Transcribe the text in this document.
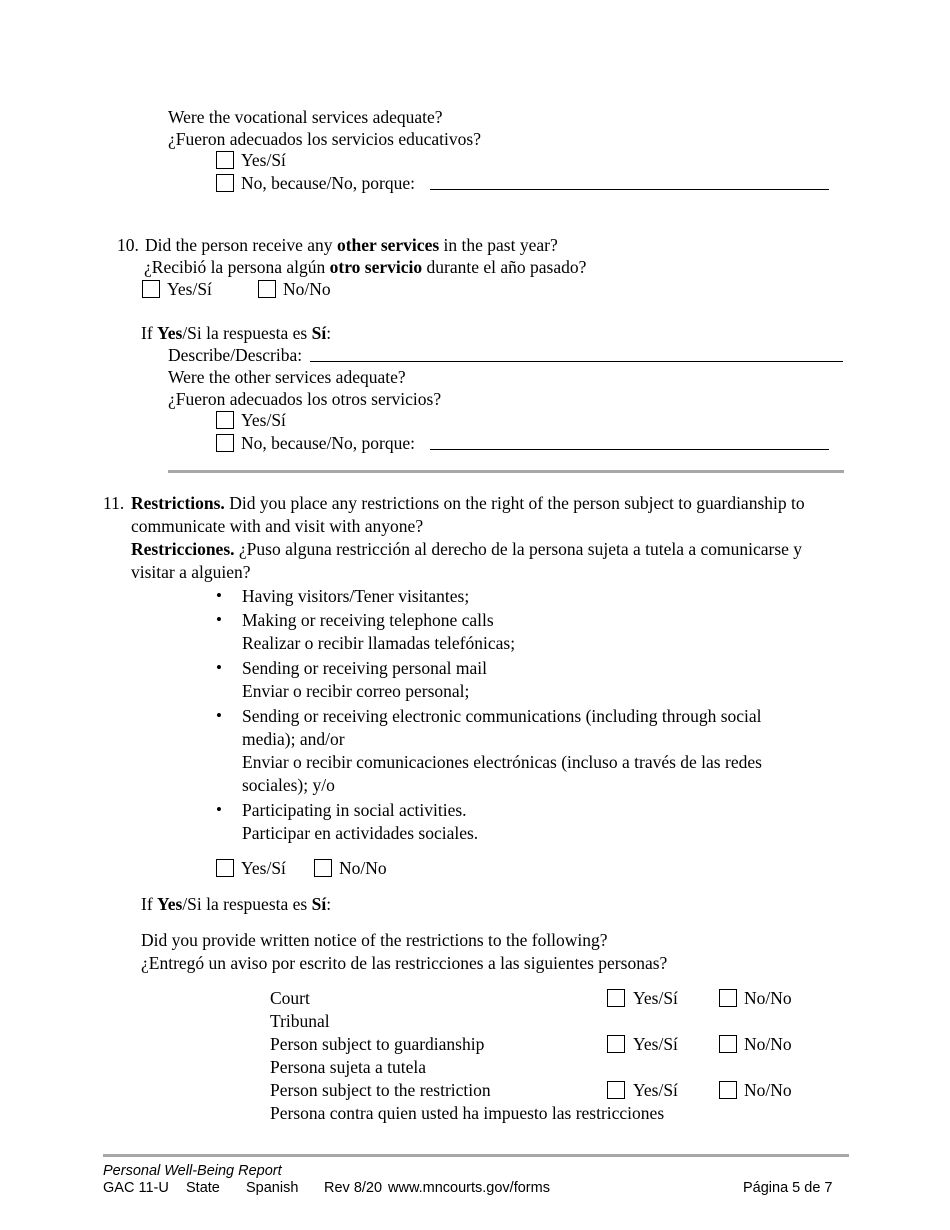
Were the vocational services adequate?
¿Fueron adecuados los servicios educativos?
Yes/Sí
No, because/No, porque:
10. Did the person receive any other services in the past year?
¿Recibió la persona algún otro servicio durante el año pasado?
Yes/Sí	No/No
If Yes/Si la respuesta es Sí:
Describe/Describa:
Were the other services adequate?
¿Fueron adecuados los otros servicios?
Yes/Sí
No, because/No, porque:
11. Restrictions. Did you place any restrictions on the right of the person subject to guardianship to
communicate with and visit with anyone?
Restricciones. ¿Puso alguna restricción al derecho de la persona sujeta a tutela a comunicarse y
visitar a alguien?
• Having visitors/Tener visitantes;
• Making or receiving telephone calls
Realizar o recibir llamadas telefónicas;
• Sending or receiving personal mail
Enviar o recibir correo personal;
• Sending or receiving electronic communications (including through social
media); and/or
Enviar o recibir comunicaciones electrónicas (incluso a través de las redes
sociales); y/o
• Participating in social activities.
Participar en actividades sociales.
Yes/Sí	No/No
If Yes/Si la respuesta es Sí:
Did you provide written notice of the restrictions to the following?
¿Entregó un aviso por escrito de las restricciones a las siguientes personas?
Court
Tribunal
Yes/Sí	No/No
Person subject to guardianship
Persona sujeta a tutela
Yes/Sí	No/No
Person subject to the restriction
Persona contra quien usted ha impuesto las restricciones
Yes/Sí	No/No
Personal Well-Being Report
GAC 11-U State Spanish Rev 8/20 www.mncourts.gov/forms	Página 5 de 7
